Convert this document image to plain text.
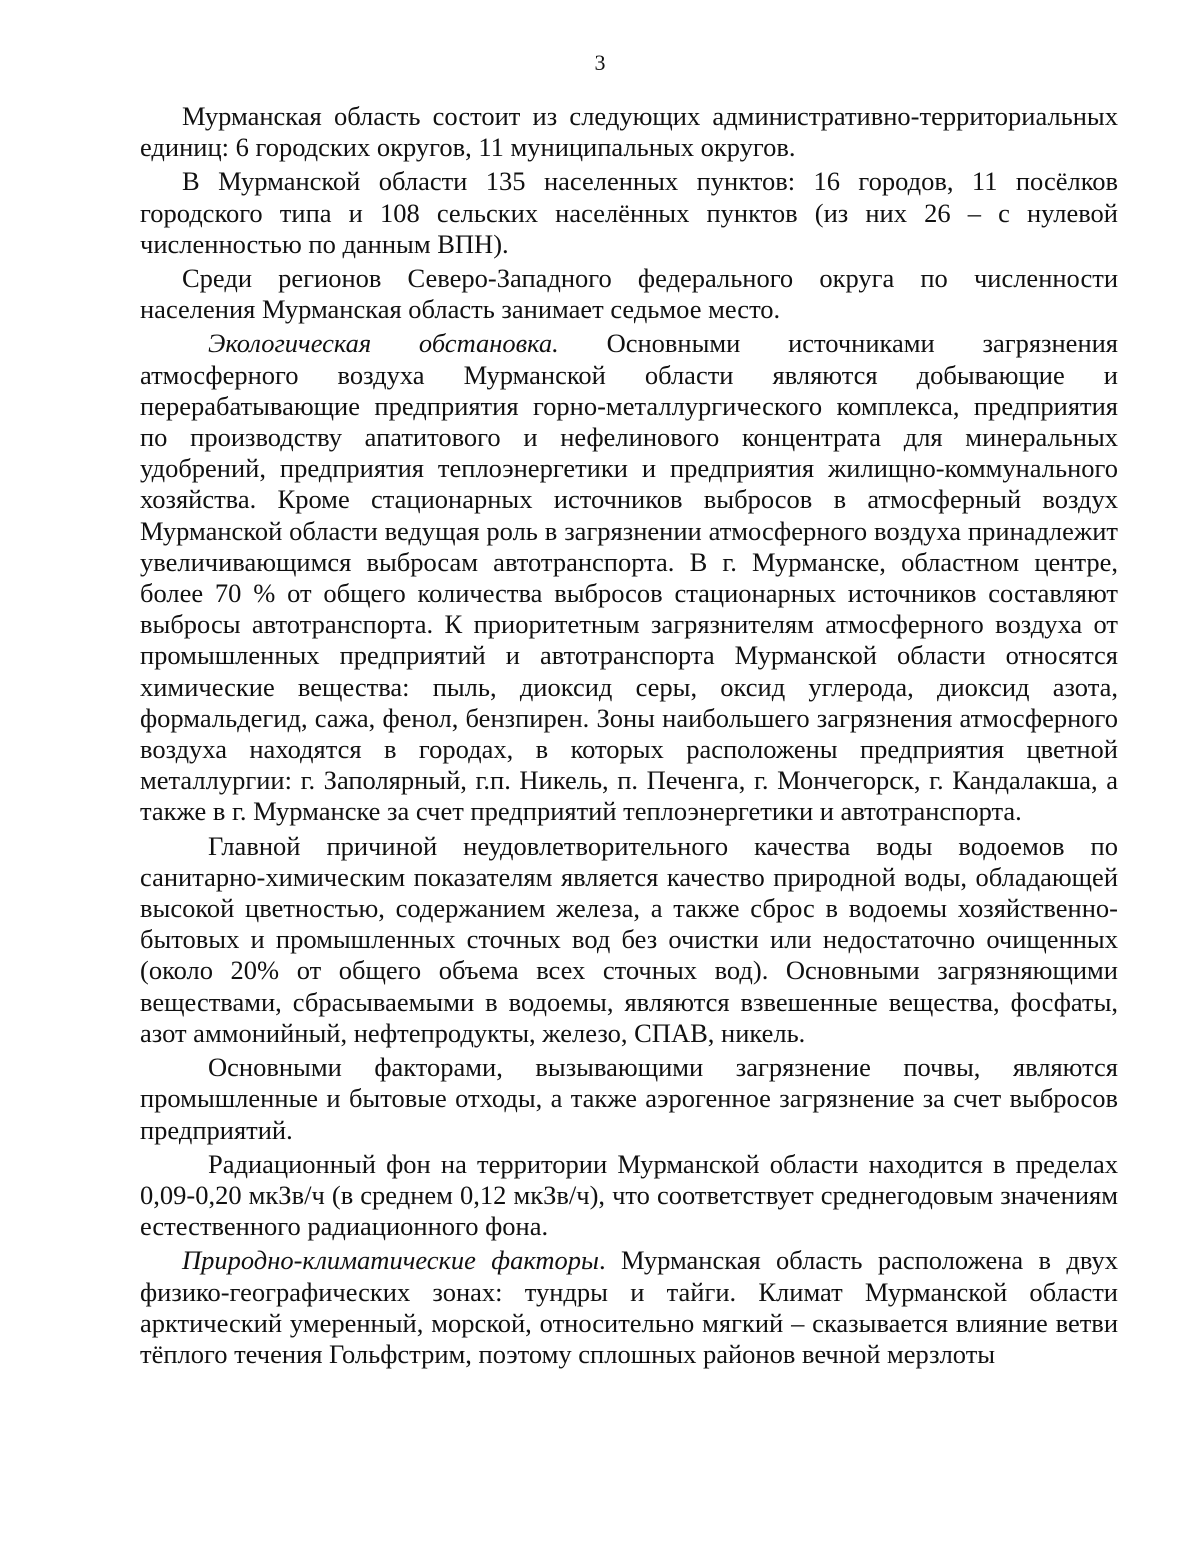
3

Мурманская область состоит из следующих административно-территориальных единиц: 6 городских округов, 11 муниципальных округов.

В Мурманской области 135 населенных пунктов: 16 городов, 11 посёлков городского типа и 108 сельских населённых пунктов (из них 26 – с нулевой численностью по данным ВПН).

Среди регионов Северо-Западного федерального округа по численности населения Мурманская область занимает седьмое место.

Экологическая обстановка. Основными источниками загрязнения атмосферного воздуха Мурманской области являются добывающие и перерабатывающие предприятия горно-металлургического комплекса, предприятия по производству апатитового и нефелинового концентрата для минеральных удобрений, предприятия теплоэнергетики и предприятия жилищно-коммунального хозяйства. Кроме стационарных источников выбросов в атмосферный воздух Мурманской области ведущая роль в загрязнении атмосферного воздуха принадлежит увеличивающимся выбросам автотранспорта. В г. Мурманске, областном центре, более 70 % от общего количества выбросов стационарных источников составляют выбросы автотранспорта. К приоритетным загрязнителям атмосферного воздуха от промышленных предприятий и автотранспорта Мурманской области относятся химические вещества: пыль, диоксид серы, оксид углерода, диоксид азота, формальдегид, сажа, фенол, бензпирен. Зоны наибольшего загрязнения атмосферного воздуха находятся в городах, в которых расположены предприятия цветной металлургии: г. Заполярный, г.п. Никель, п. Печенга, г. Мончегорск, г. Кандалакша, а также в г. Мурманске за счет предприятий теплоэнергетики и автотранспорта.

Главной причиной неудовлетворительного качества воды водоемов по санитарно-химическим показателям является качество природной воды, обладающей высокой цветностью, содержанием железа, а также сброс в водоемы хозяйственно-бытовых и промышленных сточных вод без очистки или недостаточно очищенных (около 20% от общего объема всех сточных вод). Основными загрязняющими веществами, сбрасываемыми в водоемы, являются взвешенные вещества, фосфаты, азот аммонийный, нефтепродукты, железо, СПАВ, никель.

Основными факторами, вызывающими загрязнение почвы, являются промышленные и бытовые отходы, а также аэрогенное загрязнение за счет выбросов предприятий.

Радиационный фон на территории Мурманской области находится в пределах 0,09-0,20 мкЗв/ч (в среднем 0,12 мкЗв/ч), что соответствует среднегодовым значениям естественного радиационного фона.

Природно-климатические факторы. Мурманская область расположена в двух физико-географических зонах: тундры и тайги. Климат Мурманской области арктический умеренный, морской, относительно мягкий – сказывается влияние ветви тёплого течения Гольфстрим, поэтому сплошных районов вечной мерзлоты
